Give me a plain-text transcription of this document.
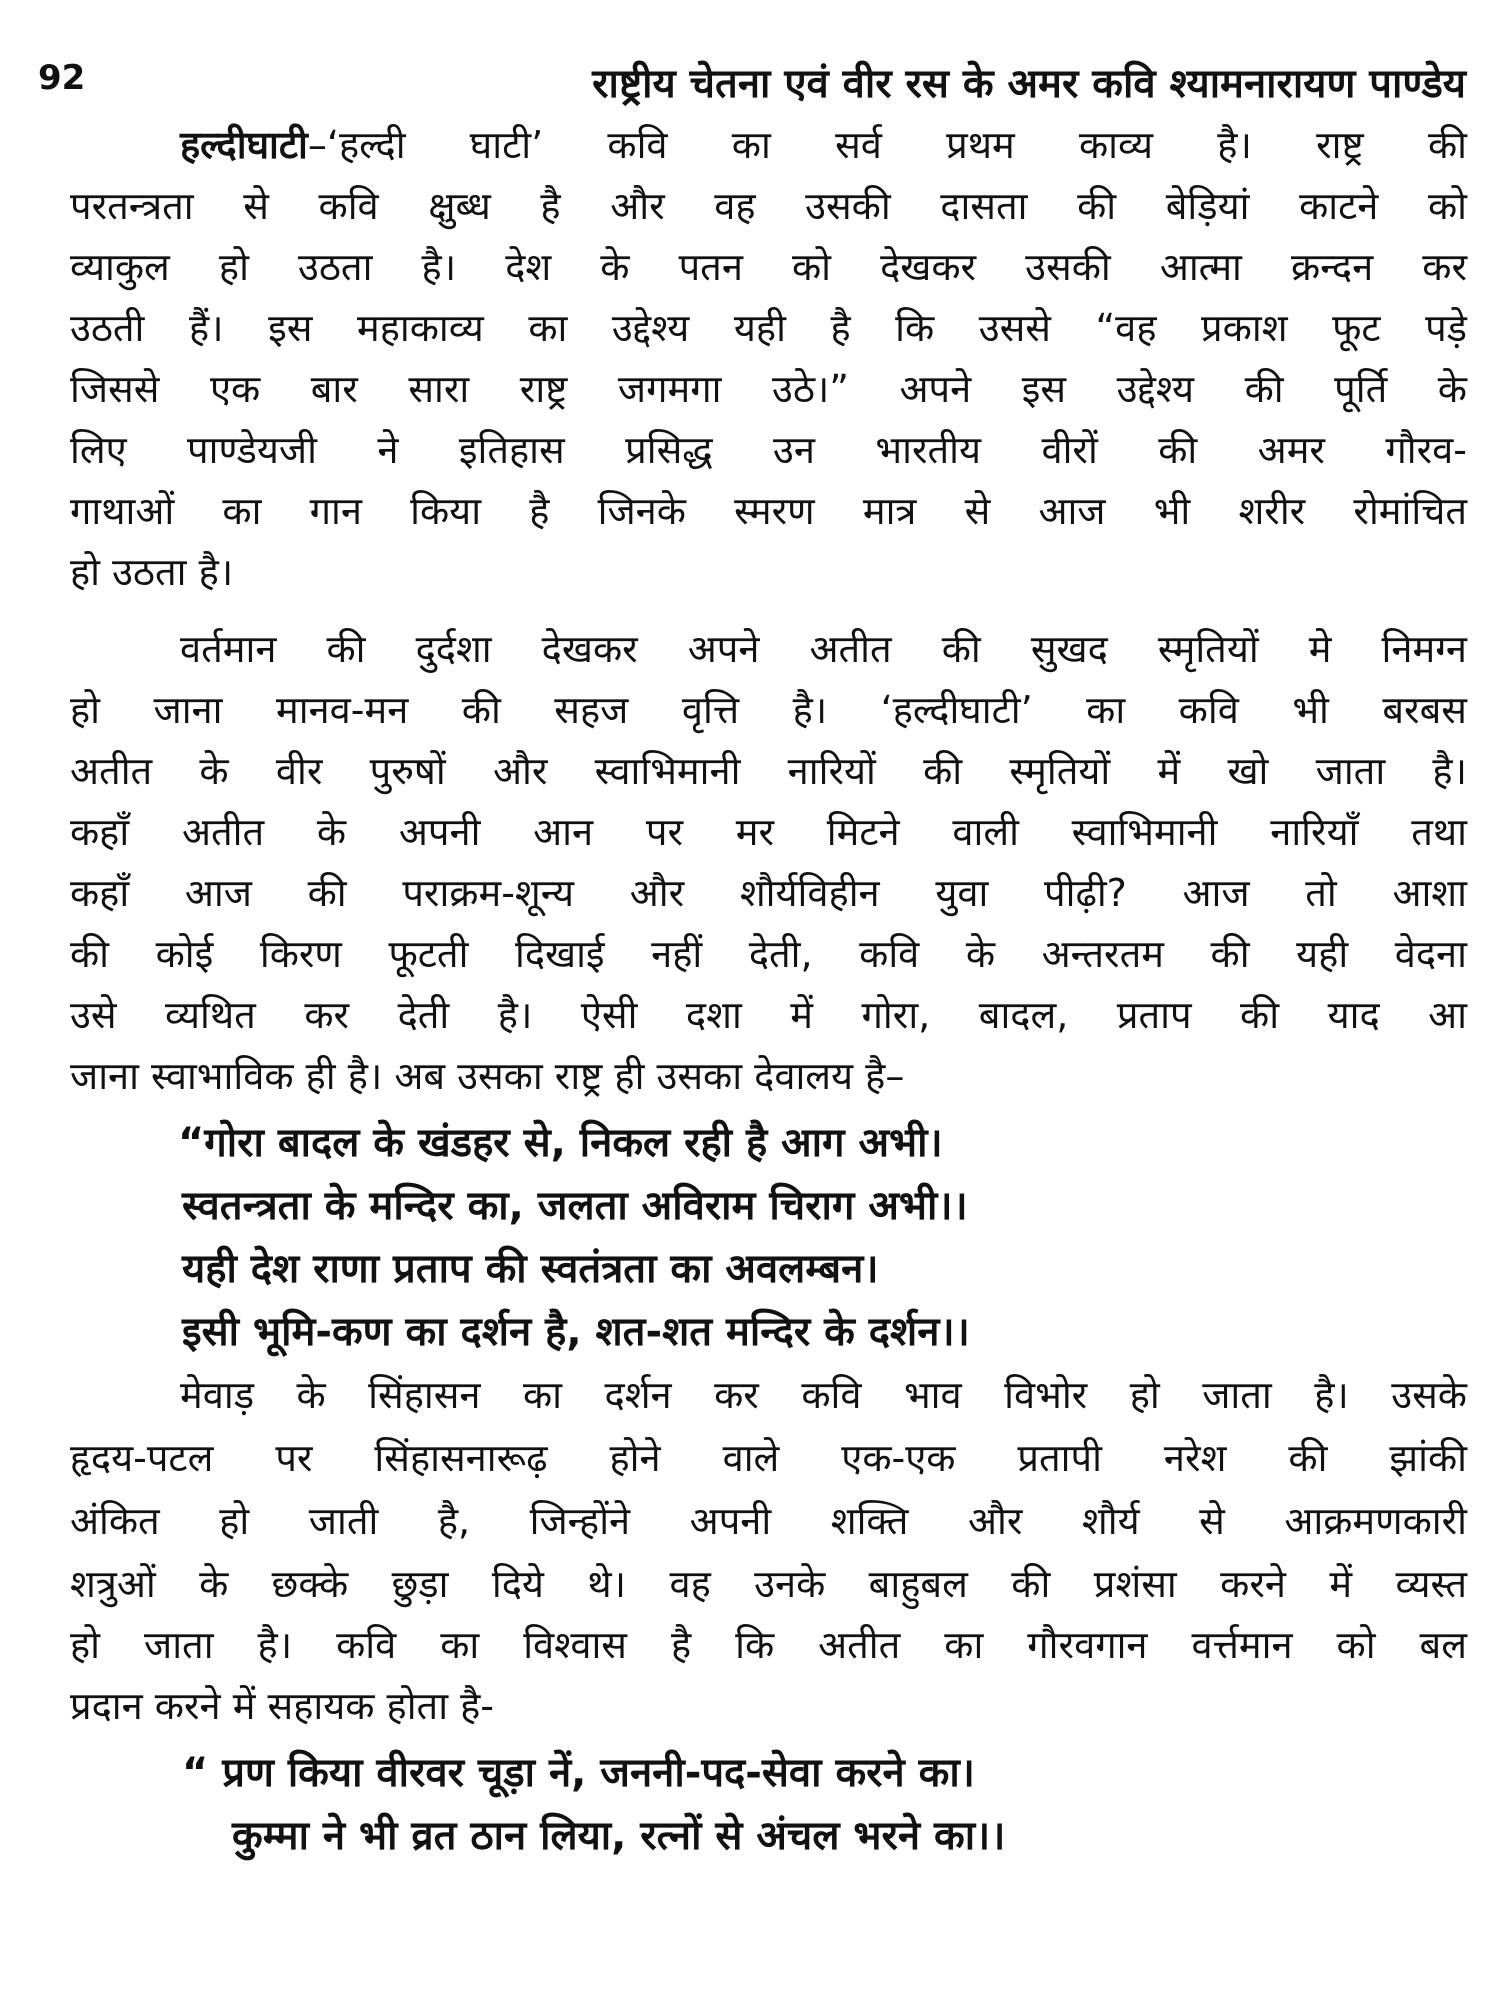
92	राष्ट्रीय चेतना एवं वीर रस के अमर कवि श्यामनारायण पाण्डेय
हल्दीघाटी–‘हल्दी घाटी’ कवि का सर्व प्रथम काव्य है। राष्ट्र की
परतन्त्रता से कवि क्षुब्ध है और वह उसकी दासता की बेड़ियां काटने को
व्याकुल हो उठता है। देश के पतन को देखकर उसकी आत्मा क्रन्दन कर
उठती हैं। इस महाकाव्य का उद्देश्य यही है कि उससे “वह प्रकाश फूट पड़े
जिससे एक बार सारा राष्ट्र जगमगा उठे।” अपने इस उद्देश्य की पूर्ति के
लिए पाण्डेयजी ने इतिहास प्रसिद्ध उन भारतीय वीरों की अमर गौरव-
गाथाओं का गान किया है जिनके स्मरण मात्र से आज भी शरीर रोमांचित
हो उठता है।
वर्तमान की दुर्दशा देखकर अपने अतीत की सुखद स्मृतियों मे निमग्न
हो जाना मानव-मन की सहज वृत्ति है। ‘हल्दीघाटी’ का कवि भी बरबस
अतीत के वीर पुरुषों और स्वाभिमानी नारियों की स्मृतियों में खो जाता है।
कहाँ अतीत के अपनी आन पर मर मिटने वाली स्वाभिमानी नारियाँ तथा
कहाँ आज की पराक्रम-शून्य और शौर्यविहीन युवा पीढ़ी? आज तो आशा
की कोई किरण फूटती दिखाई नहीं देती, कवि के अन्तरतम की यही वेदना
उसे व्यथित कर देती है। ऐसी दशा में गोरा, बादल, प्रताप की याद आ
जाना स्वाभाविक ही है। अब उसका राष्ट्र ही उसका देवालय है–
“गोरा बादल के खंडहर से, निकल रही है आग अभी।
स्वतन्त्रता के मन्दिर का, जलता अविराम चिराग अभी।।
यही देश राणा प्रताप की स्वतंत्रता का अवलम्बन।
इसी भूमि-कण का दर्शन है, शत-शत मन्दिर के दर्शन।।
मेवाड़ के सिंहासन का दर्शन कर कवि भाव विभोर हो जाता है। उसके
हृदय-पटल पर सिंहासनारूढ़ होने वाले एक-एक प्रतापी नरेश की झांकी
अंकित हो जाती है, जिन्होंने अपनी शक्ति और शौर्य से आक्रमणकारी
शत्रुओं के छक्के छुड़ा दिये थे। वह उनके बाहुबल की प्रशंसा करने में व्यस्त
हो जाता है। कवि का विश्वास है कि अतीत का गौरवगान वर्त्तमान को बल
प्रदान करने में सहायक होता है-
“ प्रण किया वीरवर चूड़ा नें, जननी-पद-सेवा करने का।
कुम्मा ने भी व्रत ठान लिया, रत्नों से अंचल भरने का।।
